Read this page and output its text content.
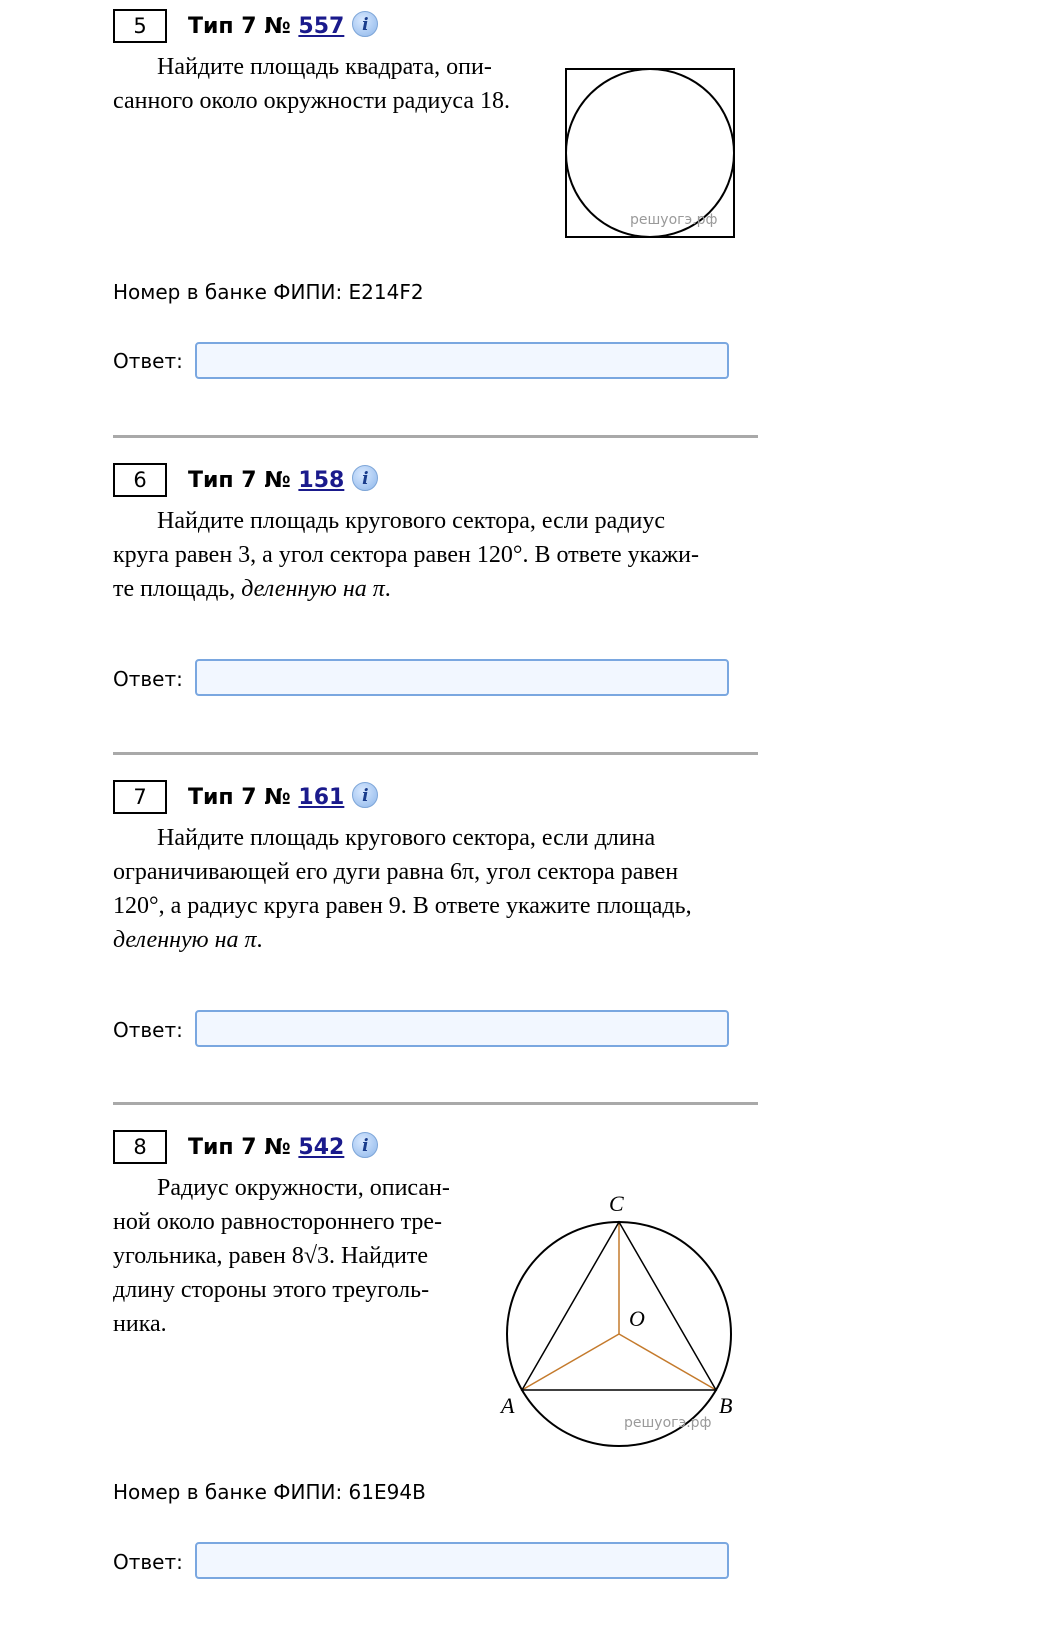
5	Тип 7 № 557 i

Найдите площадь квадрата, опи-
санного около окружности радиуса 18.

решуогэ.рф
Номер в банке ФИПИ: E214F2
Ответ:
6	Тип 7 № 158 i

Найдите площадь кругового сектора, если радиус
круга равен 3, а угол сектора равен 120°. В ответе укажи-
те площадь, деленную на π.

Ответ:
7	Тип 7 № 161 i

Найдите площадь кругового сектора, если длина
ограничивающей его дуги равна 6π, угол сектора равен
120°, а радиус круга равен 9. В ответе укажите площадь,
деленную на π.

Ответ:
8	Тип 7 № 542 i

Радиус окружности, описан-
ной около равностороннего тре-
угольника, равен 8√3. Найдите
длину стороны этого треуголь-
ника.

C
A	B
O
решуогэ.рф
Номер в банке ФИПИ: 61E94B
Ответ:
